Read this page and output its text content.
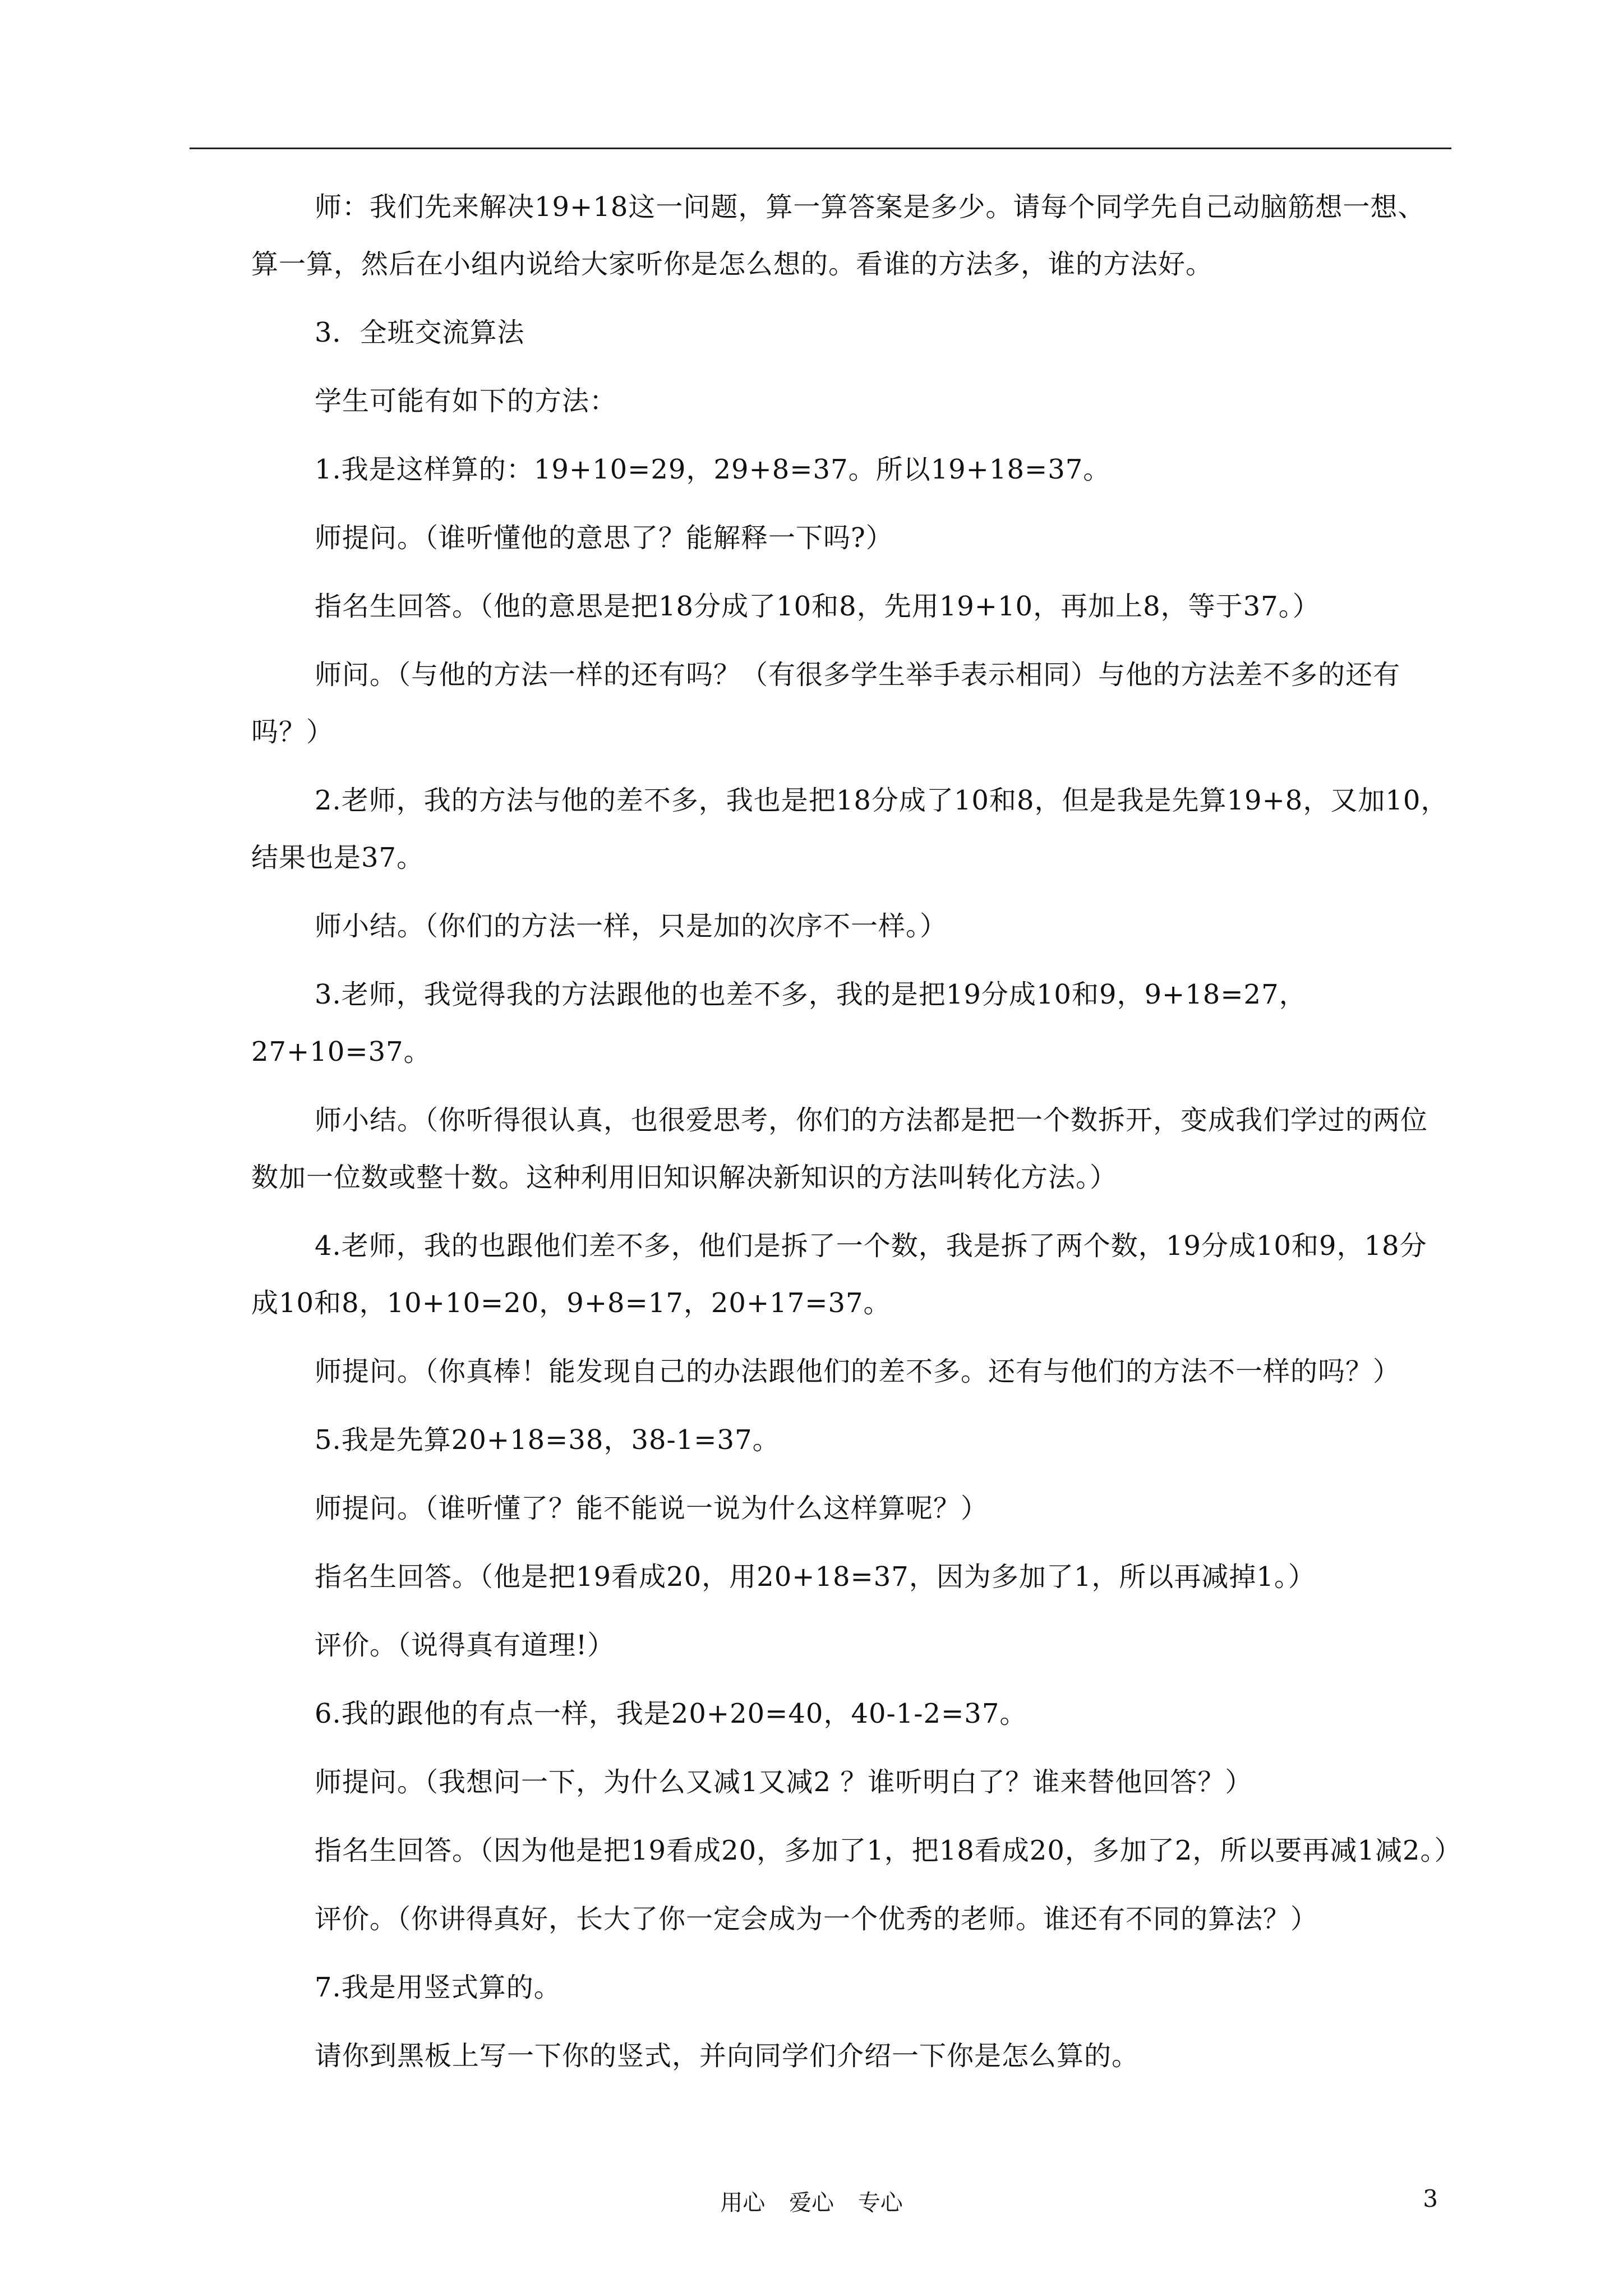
师：我们先来解决19+18这一问题，算一算答案是多少。请每个同学先自己动脑筋想一想、算一算，然后在小组内说给大家听你是怎么想的。看谁的方法多，谁的方法好。

3．全班交流算法

学生可能有如下的方法：

1.我是这样算的：19+10=29，29+8=37。所以19+18=37。

师提问。（谁听懂他的意思了？能解释一下吗?）

指名生回答。（他的意思是把18分成了10和8，先用19+10，再加上8，等于37。）

师问。（与他的方法一样的还有吗？（有很多学生举手表示相同）与他的方法差不多的还有吗？）

2.老师，我的方法与他的差不多，我也是把18分成了10和8，但是我是先算19+8，又加10，结果也是37。

师小结。（你们的方法一样，只是加的次序不一样。）

3.老师，我觉得我的方法跟他的也差不多，我的是把19分成10和9，9+18=27，27+10=37。

师小结。（你听得很认真，也很爱思考，你们的方法都是把一个数拆开，变成我们学过的两位数加一位数或整十数。这种利用旧知识解决新知识的方法叫转化方法。）

4.老师，我的也跟他们差不多，他们是拆了一个数，我是拆了两个数，19分成10和9，18分成10和8，10+10=20，9+8=17，20+17=37。

师提问。（你真棒！能发现自己的办法跟他们的差不多。还有与他们的方法不一样的吗？）

5.我是先算20+18=38，38-1=37。

师提问。（谁听懂了？能不能说一说为什么这样算呢？）

指名生回答。（他是把19看成20，用20+18=37，因为多加了1，所以再减掉1。）

评价。（说得真有道理!）

6.我的跟他的有点一样，我是20+20=40，40-1-2=37。

师提问。（我想问一下，为什么又减1又减2 ？谁听明白了？谁来替他回答？）

指名生回答。（因为他是把19看成20，多加了1，把18看成20，多加了2，所以要再减1减2。）

评价。（你讲得真好，长大了你一定会成为一个优秀的老师。谁还有不同的算法？）

7.我是用竖式算的。

请你到黑板上写一下你的竖式，并向同学们介绍一下你是怎么算的。

用心 爱心 专心	3
